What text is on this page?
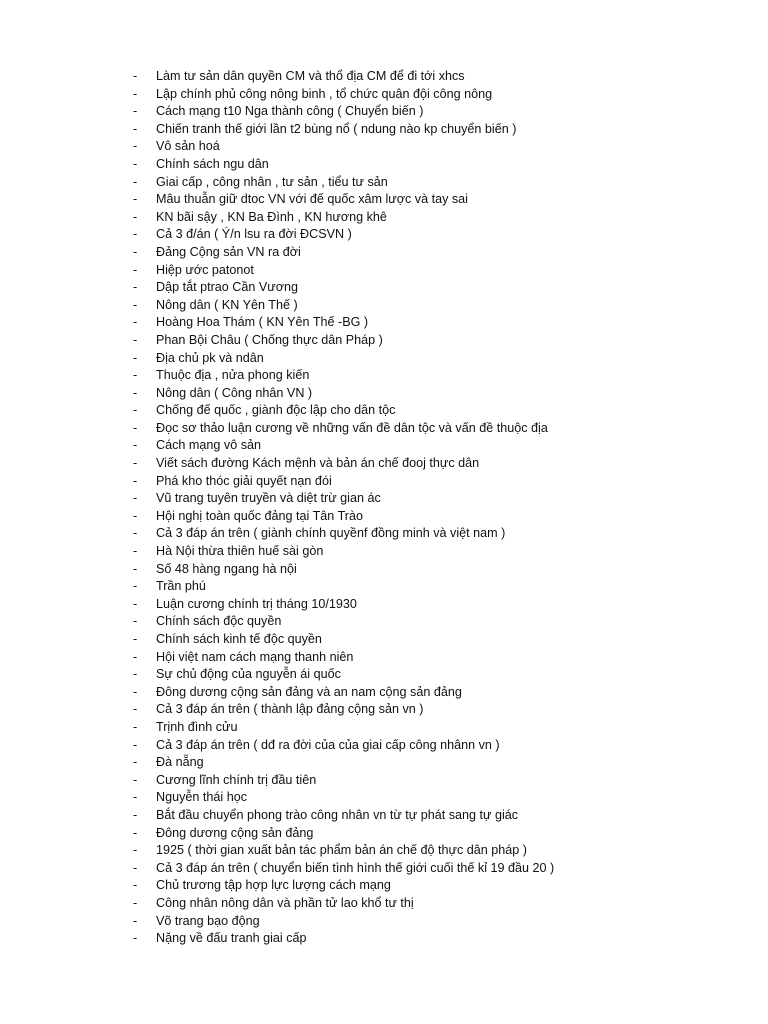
- Làm tư sản dân quyền CM và thổ địa CM để đi tới xhcs
- Lập chính phủ công nông binh , tổ chức quân đội công nông
- Cách mạng t10 Nga thành công ( Chuyển biến )
- Chiến tranh thế giới lần t2 bùng nổ ( ndung nào kp chuyển biến )
- Vô sản hoá
- Chính sách ngu dân
- Giai cấp , công nhân , tư sản , tiểu tư sản
- Mâu thuẫn giữ dtoc VN với đế quốc xâm lược và tay sai
- KN bãi sậy , KN Ba Đình , KN hương khê
- Cả 3 đ/án ( Ý/n lsu ra đời ĐCSVN )
- Đảng Cộng sản VN ra đời
- Hiệp ước patonot
- Dập tắt ptrao Cần Vương
- Nông dân ( KN Yên Thế )
- Hoàng Hoa Thám ( KN Yên Thế -BG )
- Phan Bội Châu ( Chống thực dân Pháp )
- Địa chủ pk và ndân
- Thuộc địa , nửa phong kiến
- Nông dân ( Công nhân VN )
- Chống đế quốc , giành độc lập cho dân tộc
- Đọc sơ thảo luận cương về những vấn đề dân tộc và vấn đề thuộc địa
- Cách mạng vô sản
- Viết sách đường Kách mệnh và bản án chế đooj thực dân
- Phá kho thóc giải quyết nạn đói
- Vũ trang tuyên truyền và diệt trừ gian ác
- Hội nghị toàn quốc đảng tại Tân Trào
- Cả 3 đáp án trên ( giành chính quyềnf đồng minh và việt nam )
- Hà Nội thừa thiên huế sài gòn
- Số 48 hàng ngang hà nội
- Trần phú
- Luận cương chính trị tháng 10/1930
- Chính sách độc quyền
- Chính sách kinh tế độc quyền
- Hội việt nam cách mạng thanh niên
- Sự chủ động của nguyễn ái quốc
- Đông dương cộng sản đảng và an nam cộng sản đảng
- Cả 3 đáp án trên ( thành lập đảng cộng sản vn )
- Trịnh đình cửu
- Cả 3 đáp án trên ( dđ ra đời của của giai cấp công nhânn vn )
- Đà nẵng
- Cương lĩnh chính trị đầu tiên
- Nguyễn thái học
- Bắt đầu chuyển phong trào công nhân vn từ tự phát sang tự giác
- Đông dương cộng sản đảng
- 1925 ( thời gian xuất bản tác phẩm bản án chế độ thực dân pháp )
- Cả 3 đáp án trên ( chuyển biến tình hình thế giới cuối thế kỉ 19 đầu 20 )
- Chủ trương tập hợp lực lượng cách mạng
- Công nhân nông dân và phần tử lao khổ tư thị
- Võ trang bạo động
- Nặng về đấu tranh giai cấp
